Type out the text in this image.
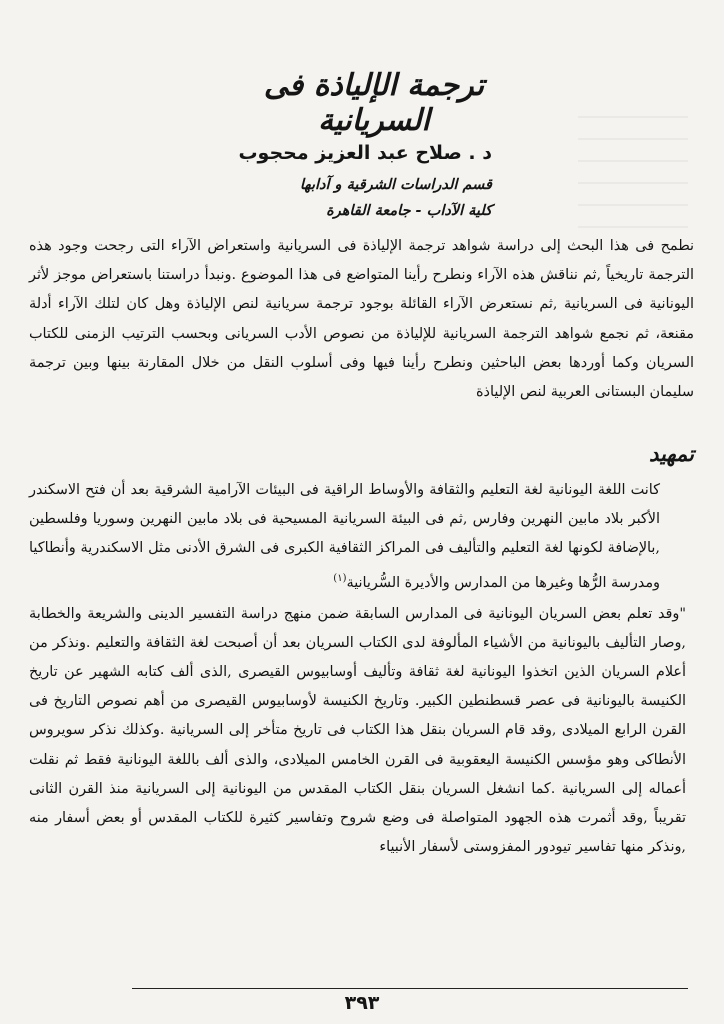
ترجمة الإلياذة فى السريانية
د . صلاح عبد العزيز محجوب
قسم الدراسات الشرقية و آدابها
كلية الآداب - جامعة القاهرة

نطمح فى هذا البحث إلى دراسة شواهد ترجمة الإلياذة فى السريانية واستعراض الآراء التى رجحت وجود هذه الترجمة تاريخياً ,ثم نناقش هذه الآراء ونطرح رأينا المتواضع فى هذا الموضوع .ونبدأ دراستنا باستعراض موجز لأثر اليونانية فى السريانية ,ثم نستعرض الآراء القائلة بوجود ترجمة سريانية لنص الإلياذة وهل كان لتلك الآراء أدلة مقنعة، ثم نجمع شواهد الترجمة السريانية للإلياذة من نصوص الأدب السريانى وبحسب الترتيب الزمنى للكتاب السريان وكما أوردها بعض الباحثين ونطرح رأينا فيها وفى أسلوب النقل من خلال المقارنة بينها وبين ترجمة سليمان البستانى العربية لنص الإلياذة

تمهيد

كانت اللغة اليونانية لغة التعليم والثقافة والأوساط الراقية فى البيئات الآرامية الشرقية بعد أن فتح الاسكندر الأكبر بلاد مابين النهرين وفارس ,ثم فى البيئة السريانية المسيحية فى بلاد مابين النهرين وسوريا وفلسطين ,بالإضافة لكونها لغة التعليم والتأليف فى المراكز الثقافية الكبرى فى الشرق الأدنى مثل الاسكندرية وأنطاكيا ومدرسة الرُّها وغيرها من المدارس والأديرة السُّريانية$^{(١)}$

"وقد تعلم بعض السريان اليونانية فى المدارس السابقة ضمن منهج دراسة التفسير الدينى والشريعة والخطابة ,وصار التأليف باليونانية من الأشياء المألوفة لدى الكتاب السريان بعد أن أصبحت لغة الثقافة والتعليم .ونذكر من أعلام السريان الذين اتخذوا اليونانية لغة ثقافة وتأليف أوسابيوس القيصرى ,الذى ألف كتابه الشهير عن تاريخ الكنيسة باليونانية فى عصر قسطنطين الكبير. وتاريخ الكنيسة لأوسابيوس القيصرى من أهم نصوص التاريخ فى القرن الرابع الميلادى ,وقد قام السريان بنقل هذا الكتاب فى تاريخ متأخر إلى السريانية .وكذلك نذكر سويروس الأنطاكى وهو مؤسس الكنيسة اليعقوبية فى القرن الخامس الميلادى، والذى ألف باللغة اليونانية فقط ثم نقلت أعماله إلى السريانية .كما انشغل السريان بنقل الكتاب المقدس من اليونانية إلى السريانية منذ القرن الثانى تقريباً ,وقد أثمرت هذه الجهود المتواصلة فى وضع شروح وتفاسير كثيرة للكتاب المقدس أو بعض أسفار منه ,ونذكر منها تفاسير تيودور المفزوستى لأسفار الأنبياء

٣٩٣
